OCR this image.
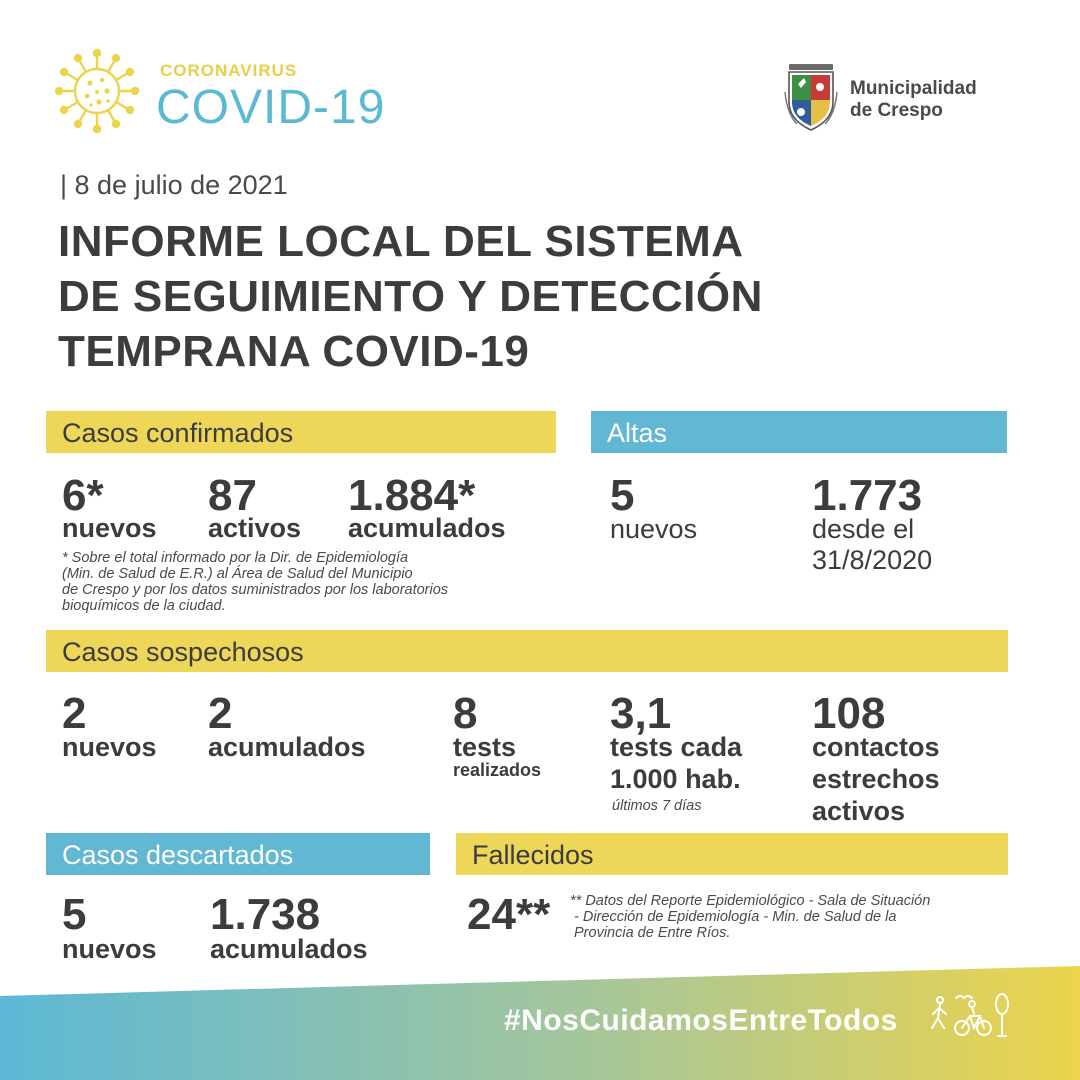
CORONAVIRUS
COVID-19	Municipalidad
de Crespo
| 8 de julio de 2021
INFORME LOCAL DEL SISTEMA
DE SEGUIMIENTO Y DETECCIÓN
TEMPRANA COVID-19
Casos confirmados
6*
nuevos
87
activos
1.884*
acumulados
* Sobre el total informado por la Dir. de Epidemiología
(Min. de Salud de E.R.) al Área de Salud del Municipio
de Crespo y por los datos suministrados por los laboratorios
bioquímicos de la ciudad.
Altas
5
nuevos
1.773
desde el
31/8/2020
Casos sospechosos
2
nuevos
2
acumulados
8
tests
realizados
3,1
tests cada
1.000 hab.
últimos 7 días
108
contactos
estrechos
activos
Casos descartados
5
nuevos
1.738
acumulados
Fallecidos
24** ** Datos del Reporte Epidemiológico - Sala de Situación
- Dirección de Epidemiología - Min. de Salud de la
Provincia de Entre Ríos.
#NosCuidamosEntreTodos
